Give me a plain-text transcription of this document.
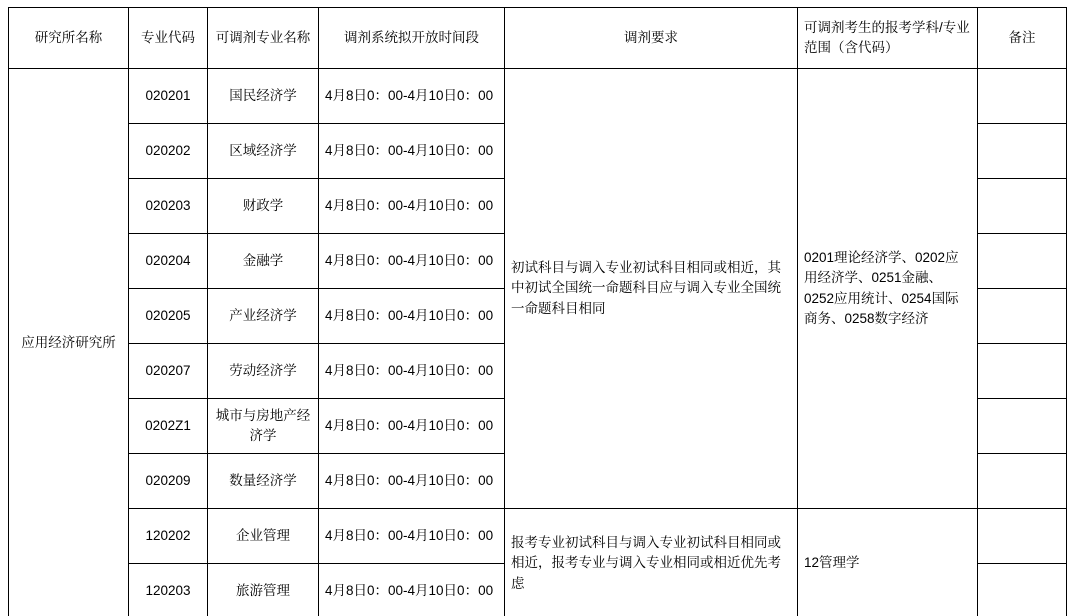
研究所名称	专业代码	可调剂专业名称	调剂系统拟开放时间段	调剂要求	可调剂考生的报考学科/专业范围（含代码）	备注
应用经济研究所	020201	国民经济学	4月8日0：00-4月10日0：00	初试科目与调入专业初试科目相同或相近，其中初试全国统一命题科目应与调入专业全国统一命题科目相同	0201理论经济学、0202应用经济学、0251金融、0252应用统计、0254国际商务、0258数字经济	
	020202	区域经济学	4月8日0：00-4月10日0：00			
	020203	财政学	4月8日0：00-4月10日0：00			
	020204	金融学	4月8日0：00-4月10日0：00			
	020205	产业经济学	4月8日0：00-4月10日0：00			
	020207	劳动经济学	4月8日0：00-4月10日0：00			
	0202Z1	城市与房地产经济学	4月8日0：00-4月10日0：00			
	020209	数量经济学	4月8日0：00-4月10日0：00			
	120202	企业管理	4月8日0：00-4月10日0：00	报考专业初试科目与调入专业初试科目相同或相近，报考专业与调入专业相同或相近优先考虑	12管理学	
	120203	旅游管理	4月8日0：00-4月10日0：00			
